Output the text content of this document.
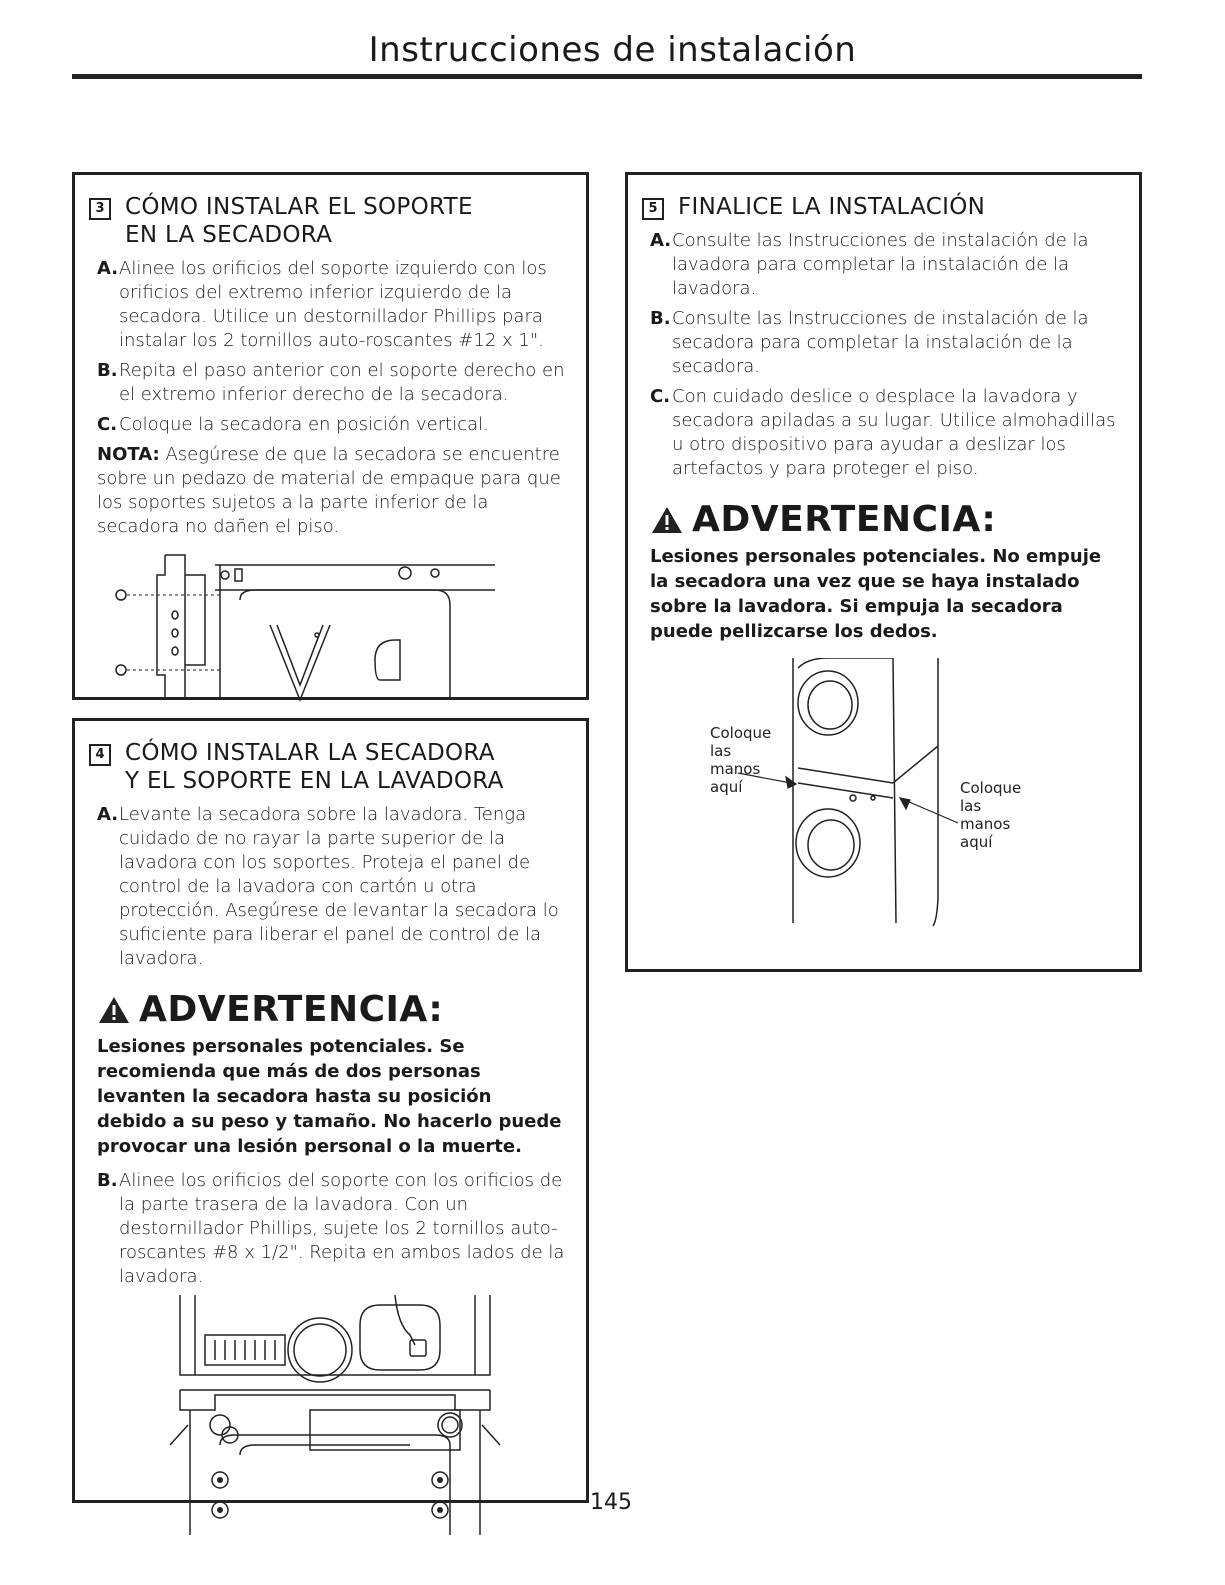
Instrucciones de instalación
3 CÓMO INSTALAR EL SOPORTE
EN LA SECADORA
A. Alinee los orificios del soporte izquierdo con los orificios del extremo inferior izquierdo de la secadora. Utilice un destornillador Phillips para instalar los 2 tornillos auto-roscantes #12 x 1".
B. Repita el paso anterior con el soporte derecho en el extremo inferior derecho de la secadora.
C. Coloque la secadora en posición vertical.
NOTA: Asegúrese de que la secadora se encuentre sobre un pedazo de material de empaque para que los soportes sujetos a la parte inferior de la secadora no dañen el piso.
4 CÓMO INSTALAR LA SECADORA
Y EL SOPORTE EN LA LAVADORA
A. Levante la secadora sobre la lavadora. Tenga cuidado de no rayar la parte superior de la lavadora con los soportes. Proteja el panel de control de la lavadora con cartón u otra protección. Asegúrese de levantar la secadora lo suficiente para liberar el panel de control de la lavadora.
ADVERTENCIA:
Lesiones personales potenciales. Se recomienda que más de dos personas levanten la secadora hasta su posición debido a su peso y tamaño. No hacerlo puede provocar una lesión personal o la muerte.
B. Alinee los orificios del soporte con los orificios de la parte trasera de la lavadora. Con un destornillador Phillips, sujete los 2 tornillos auto-roscantes #8 x 1/2". Repita en ambos lados de la lavadora.
5 FINALICE LA INSTALACIÓN
A. Consulte las Instrucciones de instalación de la lavadora para completar la instalación de la lavadora.
B. Consulte las Instrucciones de instalación de la secadora para completar la instalación de la secadora.
C. Con cuidado deslice o desplace la lavadora y secadora apiladas a su lugar. Utilice almohadillas u otro dispositivo para ayudar a deslizar los artefactos y para proteger el piso.
ADVERTENCIA:
Lesiones personales potenciales. No empuje la secadora una vez que se haya instalado sobre la lavadora. Si empuja la secadora puede pellizcarse los dedos.
Coloque
las
manos
aquí	Coloque
las
manos
aquí
145
